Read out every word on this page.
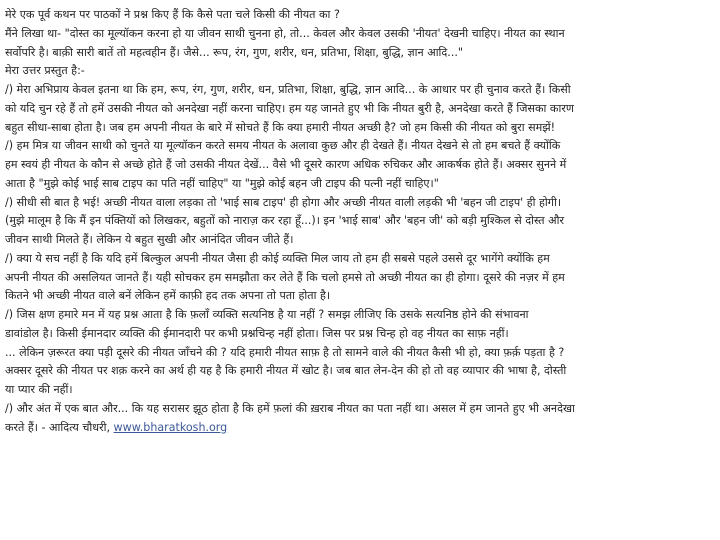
मेरे एक पूर्व कथन पर पाठकों ने प्रश्न किए हैं कि कैसे पता चले किसी की नीयत का ?
मैंने लिखा था- "दोस्त का मूल्यॉकन करना हो या जीवन साथी चुनना हो, तो... केवल और केवल उसकी 'नीयत' देखनी चाहिए। नीयत का स्थान
सर्वोपरि है। बाक़ी सारी बातें तो महत्वहीन हैं। जैसे... रूप, रंग, गुण, शरीर, धन, प्रतिभा, शिक्षा, बुद्धि, ज्ञान आदि..."
मेरा उत्तर प्रस्तुत है:-
/) मेरा अभिप्राय केवल इतना था कि हम, रूप, रंग, गुण, शरीर, धन, प्रतिभा, शिक्षा, बुद्धि, ज्ञान आदि... के आधार पर ही चुनाव करते हैं। किसी
को यदि चुन रहे हैं तो हमें उसकी नीयत को अनदेखा नहीं करना चाहिए। हम यह जानते हुए भी कि नीयत बुरी है, अनदेखा करते हैं जिसका कारण
बहुत सीधा-साबा होता है। जब हम अपनी नीयत के बारे में सोचते हैं कि क्या हमारी नीयत अच्छी है? जो हम किसी की नीयत को बुरा समझें!
/) हम मित्र या जीवन साथी को चुनते या मूल्यॉकन करते समय नीयत के अलावा कुछ और ही देखते हैं। नीयत देखने से तो हम बचते हैं क्योंकि
हम स्वयं ही नीयत के कौन से अच्छे होते हैं जो उसकी नीयत देखें... वैसे भी दूसरे कारण अधिक रुचिकर और आकर्षक होते हैं। अक्सर सुनने में
आता है "मुझे कोई भाई साब टाइप का पति नहीं चाहिए" या "मुझे कोई बहन जी टाइप की पत्नी नहीं चाहिए।"
/) सीधी सी बात है भई! अच्छी नीयत वाला लड़का तो 'भाई साब टाइप' ही होगा और अच्छी नीयत वाली लड़की भी 'बहन जी टाइप' ही होगी।
(मुझे मालूम है कि मैं इन पंक्तियों को लिखकर, बहुतों को नाराज़ कर रहा हूँ...)। इन 'भाई साब' और 'बहन जी' को बड़ी मुश्किल से दोस्त और
जीवन साथी मिलते हैं। लेकिन ये बहुत सुखी और आनंदित जीवन जीते हैं।
/) क्या ये सच नहीं है कि यदि हमें बिल्कुल अपनी नीयत जैसा ही कोई व्यक्ति मिल जाय तो हम ही सबसे पहले उससे दूर भागेंगे क्योंकि हम
अपनी नीयत की असलियत जानते हैं। यही सोचकर हम समझौता कर लेते हैं कि चलो हमसे तो अच्छी नीयत का ही होगा। दूसरे की नज़र में हम
कितने भी अच्छी नीयत वाले बनें लेकिन हमें काफ़ी हद तक अपना तो पता होता है।
/) जिस क्षण हमारे मन में यह प्रश्न आता है कि फ़लाँ व्यक्ति सत्यनिष्ठ है या नहीं ? समझ लीजिए कि उसके सत्यनिष्ठ होने की संभावना
डावांडोल है। किसी ईमानदार व्यक्ति की ईमानदारी पर कभी प्रश्नचिन्ह नहीं होता। जिस पर प्रश्न चिन्ह हो वह नीयत का साफ़ नहीं।
... लेकिन ज़रूरत क्या पड़ी दूसरे की नीयत जाँचने की ? यदि हमारी नीयत साफ़ है तो सामने वाले की नीयत कैसी भी हो, क्या फ़र्क़ पड़ता है ?
अक्सर दूसरे की नीयत पर शक़ करने का अर्थ ही यह है कि हमारी नीयत में खोट है। जब बात लेन-देन की हो तो वह व्यापार की भाषा है, दोस्ती
या प्यार की नहीं।
/) और अंत में एक बात और... कि यह सरासर झूठ होता है कि हमें फ़लां की ख़राब नीयत का पता नहीं था। असल में हम जानते हुए भी अनदेखा
करते हैं। - आदित्य चौधरी, www.bharatkosh.org
